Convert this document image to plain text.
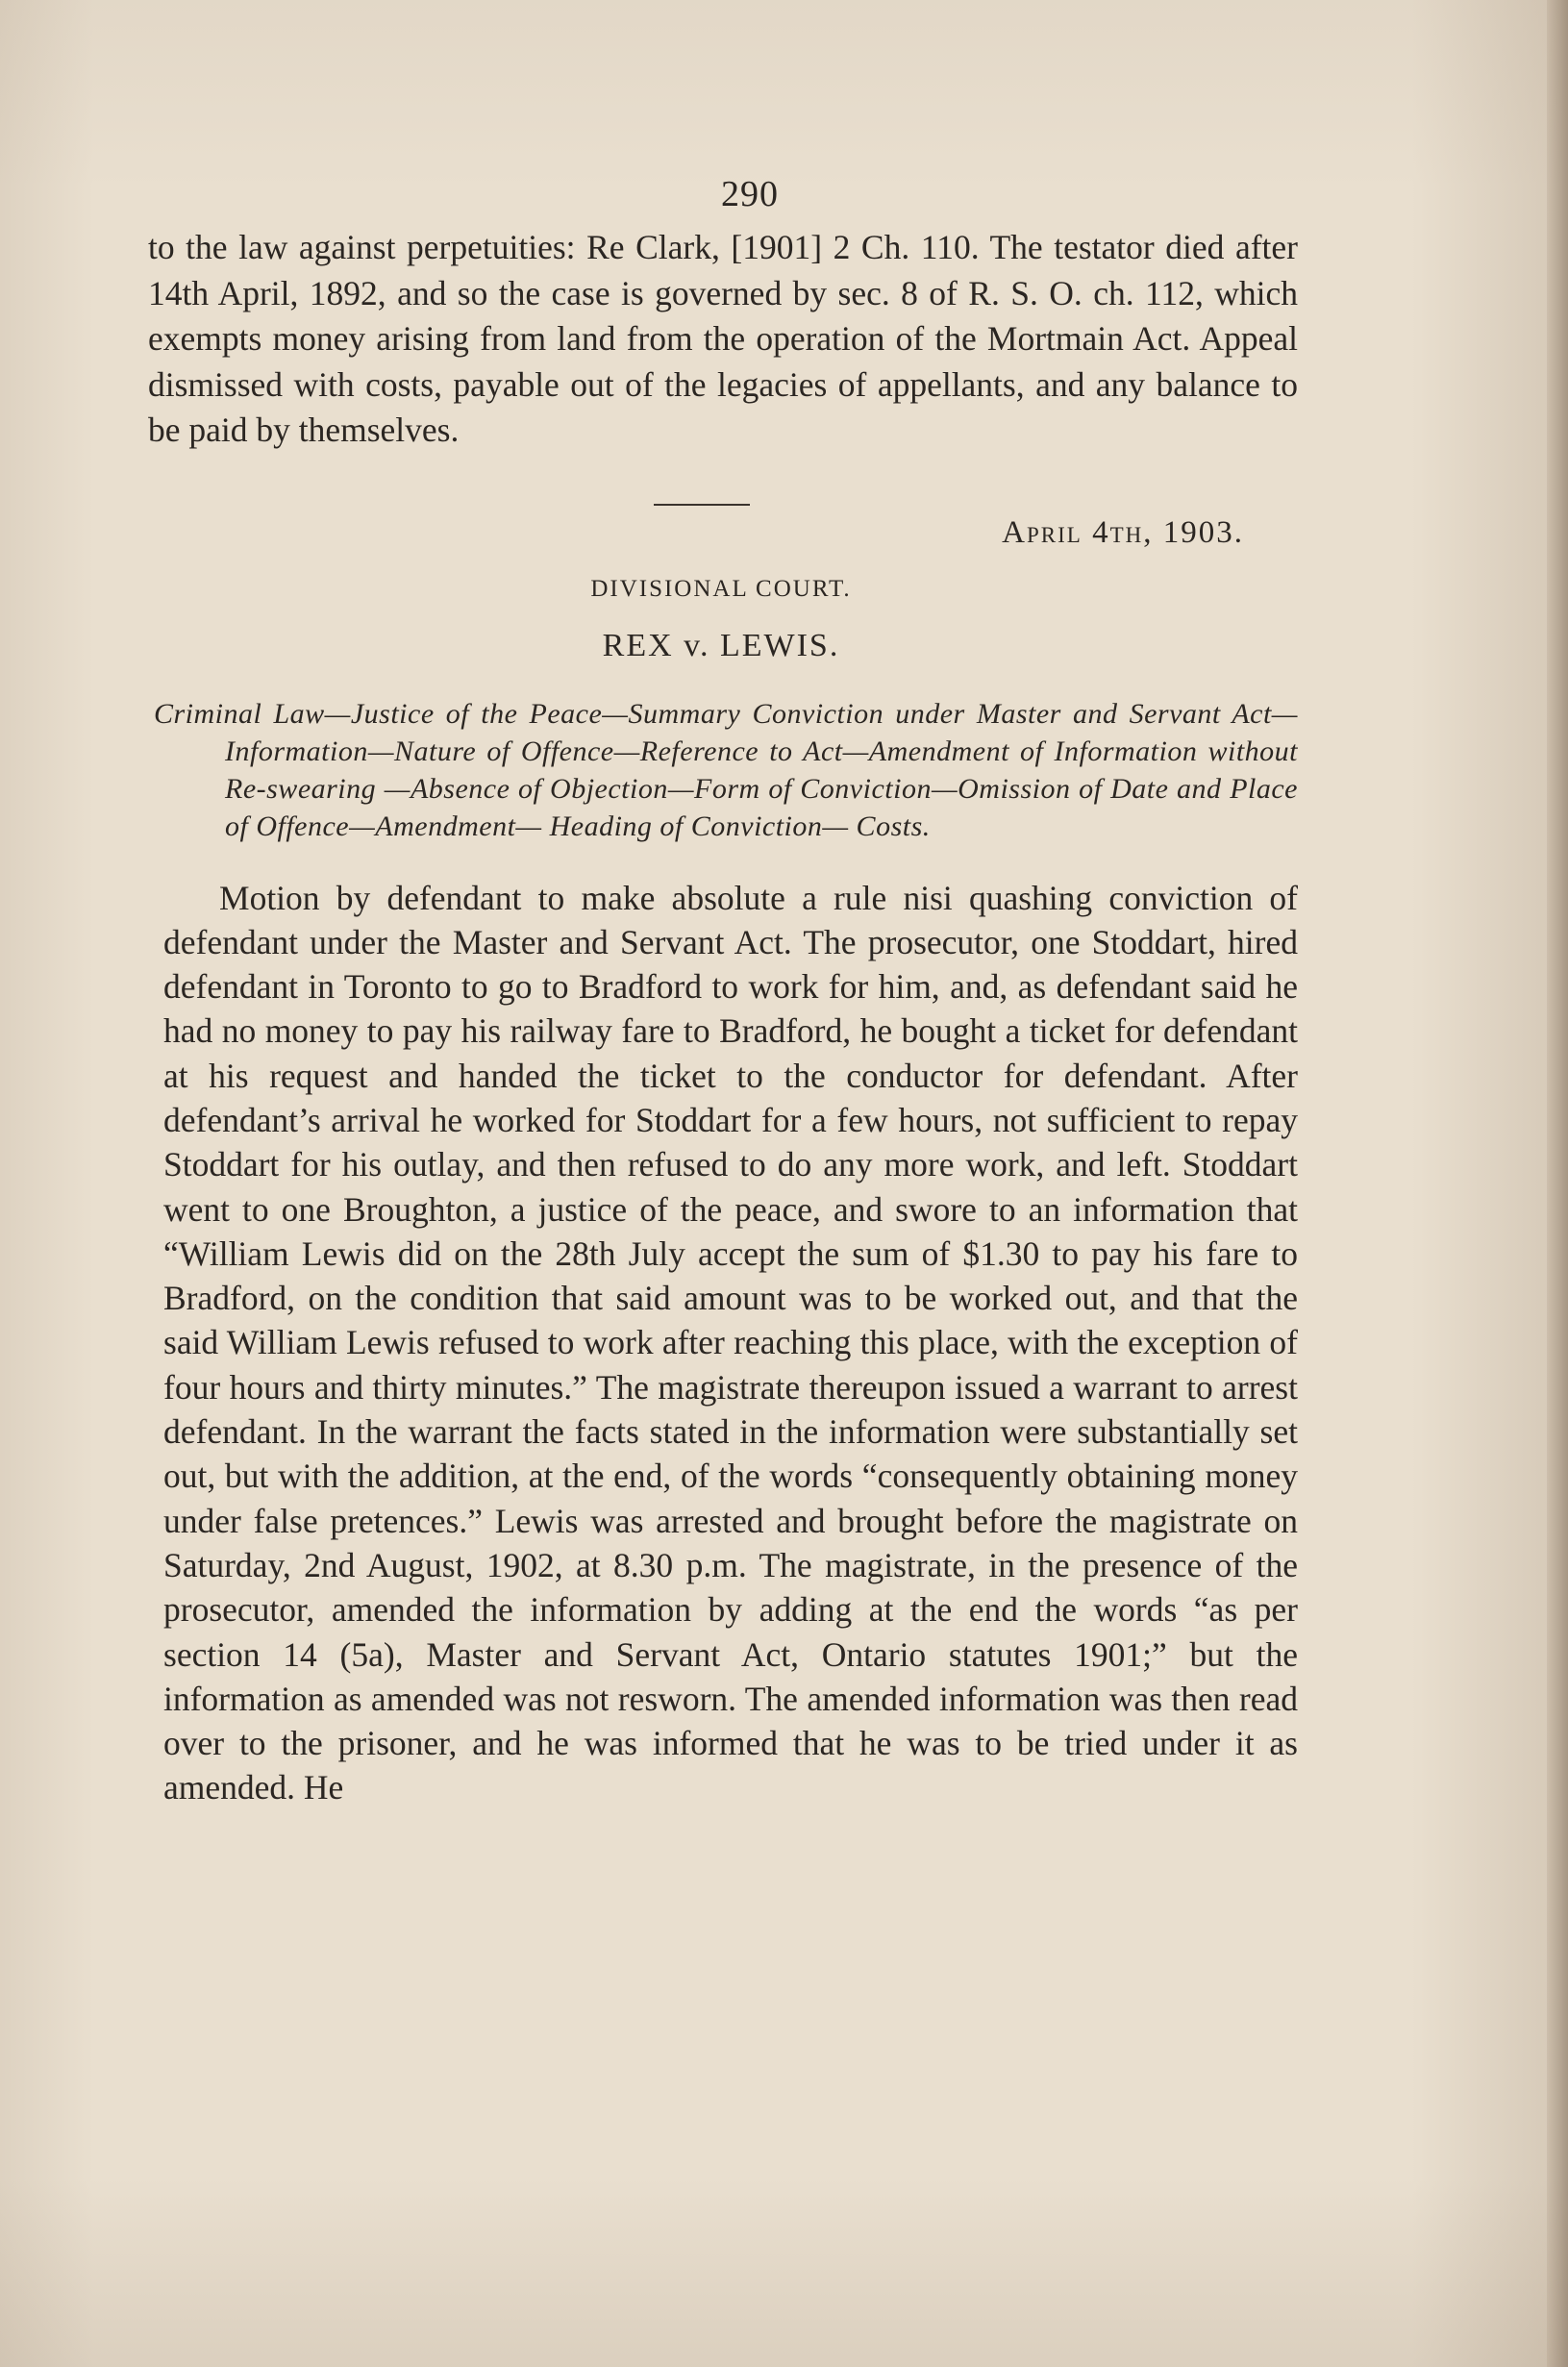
290

to the law against perpetuities: Re Clark, [1901] 2 Ch. 110. The testator died after 14th April, 1892, and so the case is governed by sec. 8 of R. S. O. ch. 112, which exempts money arising from land from the operation of the Mortmain Act. Appeal dismissed with costs, payable out of the legacies of appellants, and any balance to be paid by themselves.

April 4th, 1903.
DIVISIONAL COURT.
REX v. LEWIS.

Criminal Law—Justice of the Peace—Summary Conviction under Master and Servant Act—Information—Nature of Offence—Reference to Act—Amendment of Information without Re-swearing —Absence of Objection—Form of Conviction—Omission of Date and Place of Offence—Amendment— Heading of Conviction— Costs.

Motion by defendant to make absolute a rule nisi quashing conviction of defendant under the Master and Servant Act. The prosecutor, one Stoddart, hired defendant in Toronto to go to Bradford to work for him, and, as defendant said he had no money to pay his railway fare to Bradford, he bought a ticket for defendant at his request and handed the ticket to the conductor for defendant. After defendant’s arrival he worked for Stoddart for a few hours, not sufficient to repay Stoddart for his outlay, and then refused to do any more work, and left. Stoddart went to one Broughton, a justice of the peace, and swore to an information that “William Lewis did on the 28th July accept the sum of $1.30 to pay his fare to Bradford, on the condition that said amount was to be worked out, and that the said William Lewis refused to work after reaching this place, with the exception of four hours and thirty minutes.” The magistrate thereupon issued a warrant to arrest defendant. In the warrant the facts stated in the information were substantially set out, but with the addition, at the end, of the words “consequently obtaining money under false pretences.” Lewis was arrested and brought before the magistrate on Saturday, 2nd August, 1902, at 8.30 p.m. The magistrate, in the presence of the prosecutor, amended the information by adding at the end the words “as per section 14 (5a), Master and Servant Act, Ontario statutes 1901;” but the information as amended was not resworn. The amended information was then read over to the prisoner, and he was informed that he was to be tried under it as amended. He
